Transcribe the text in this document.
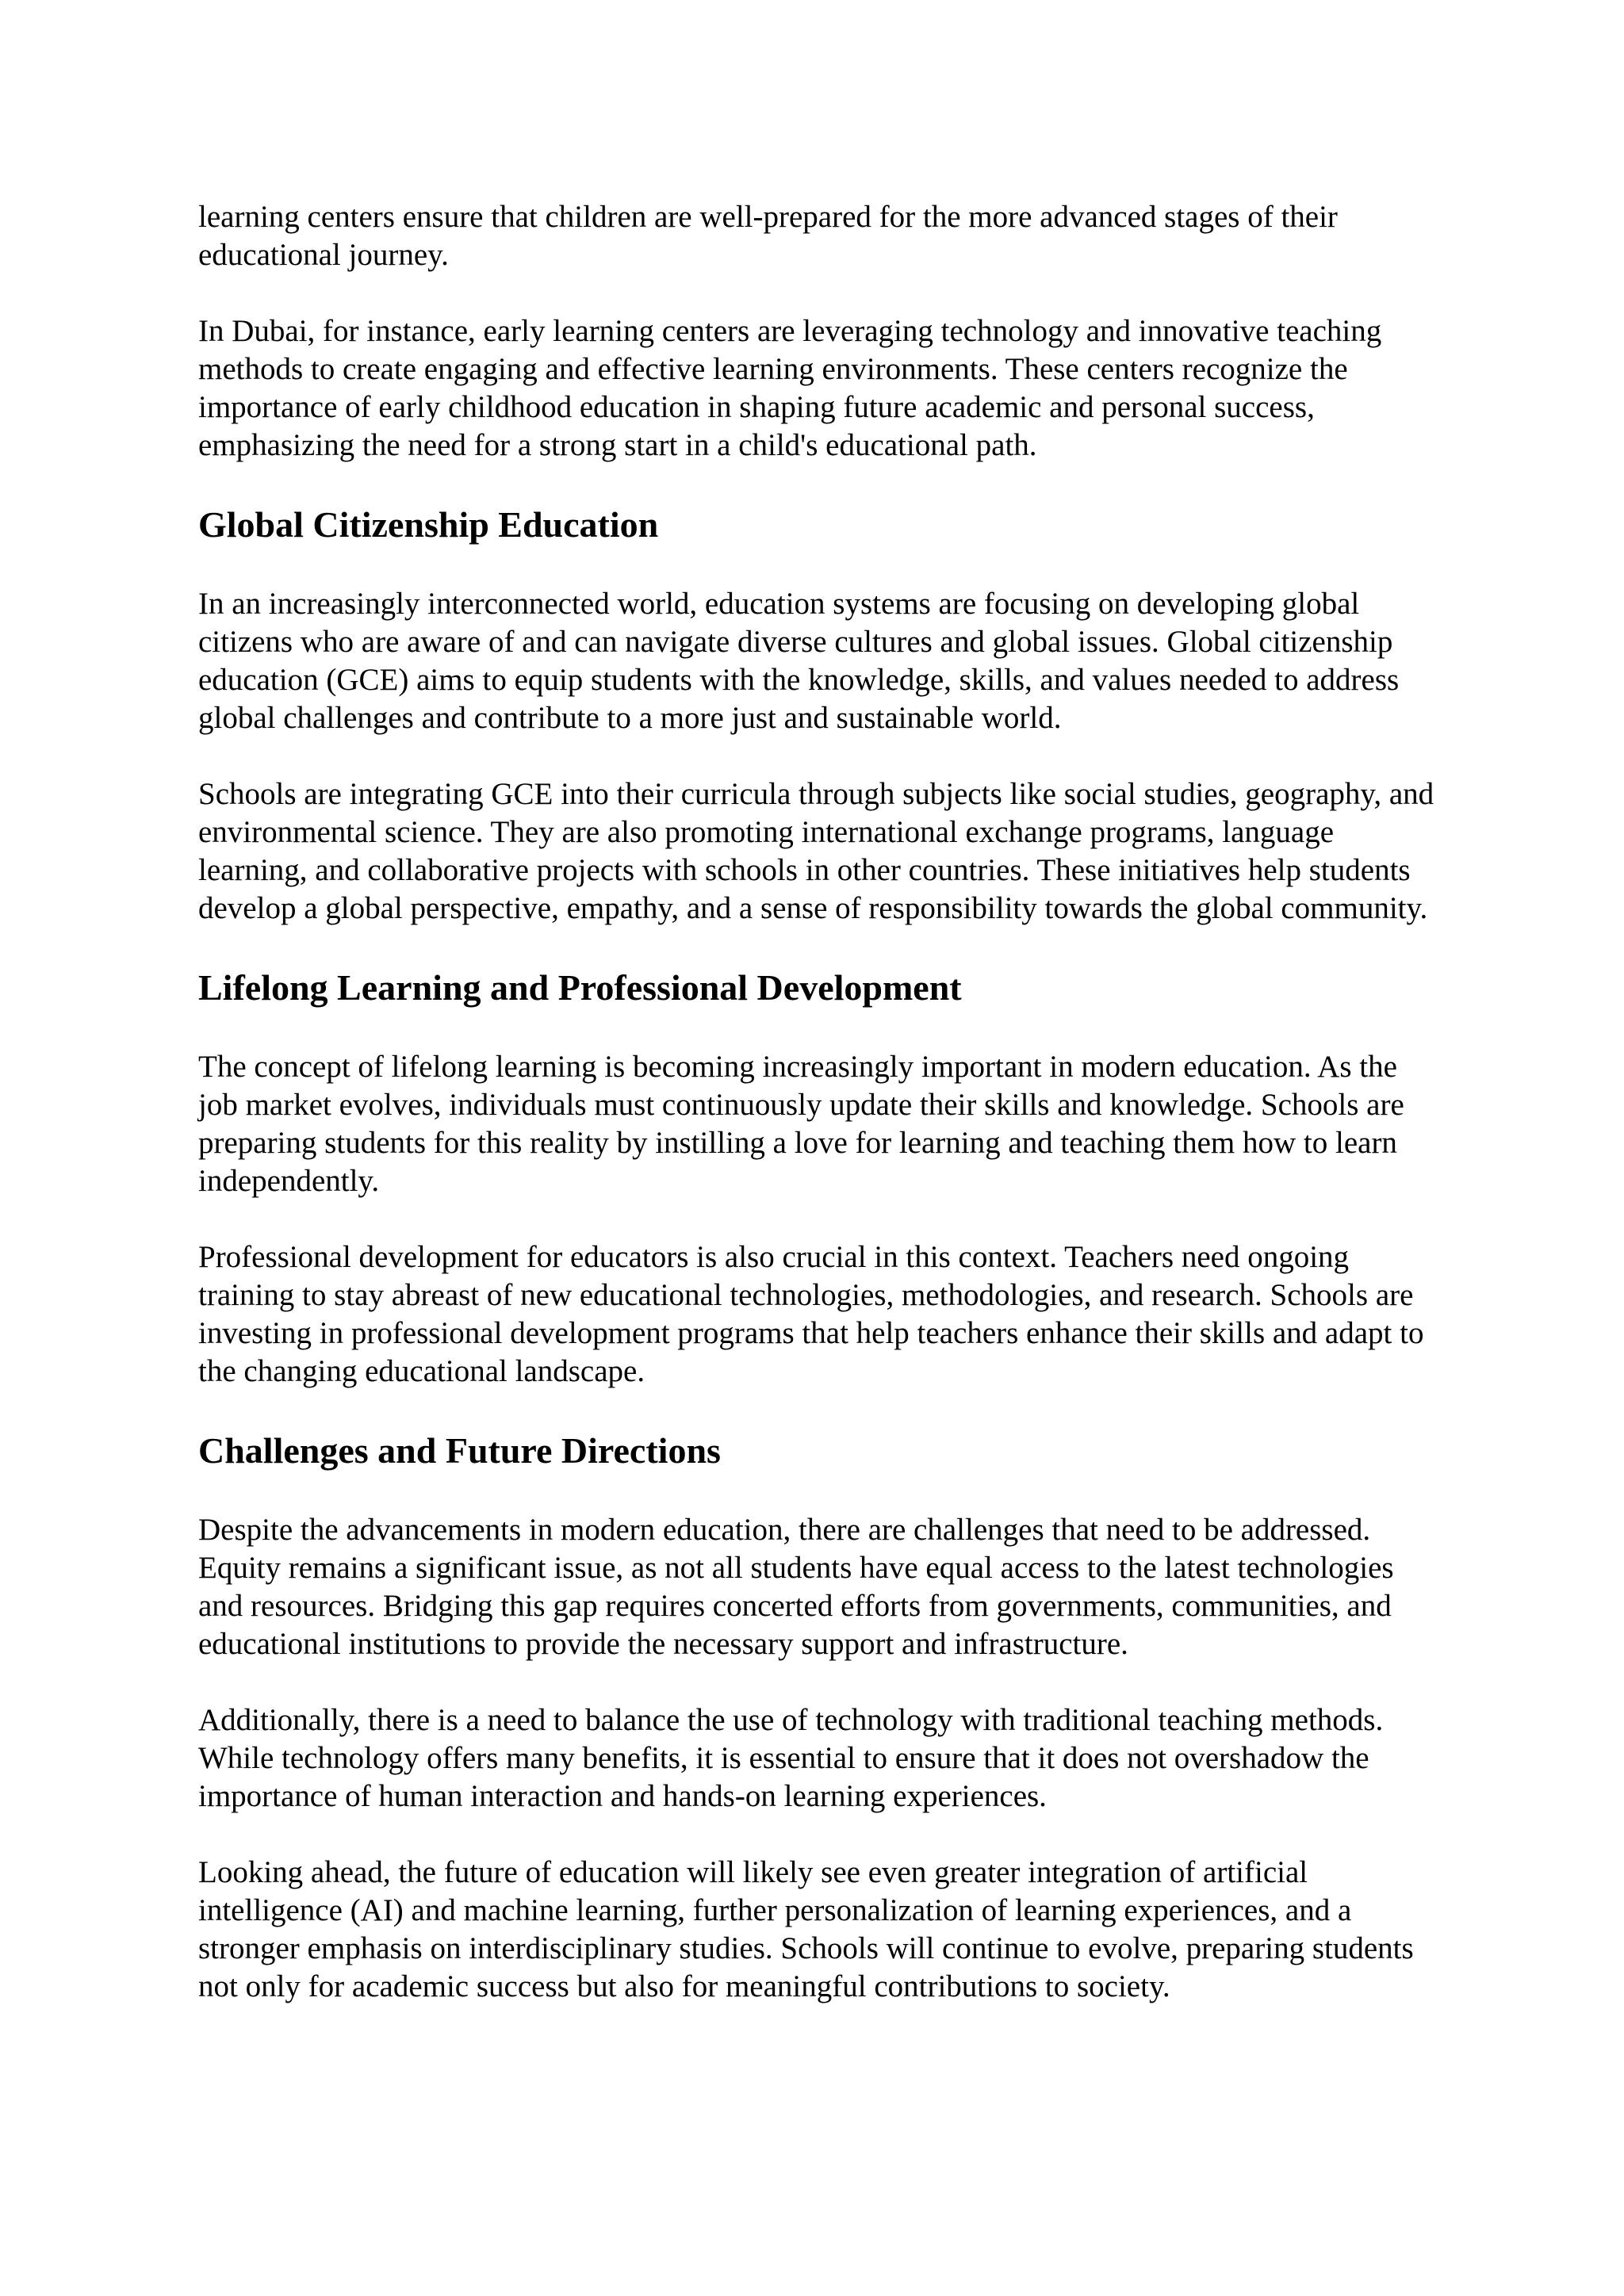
learning centers ensure that children are well-prepared for the more advanced stages of their educational journey.

In Dubai, for instance, early learning centers are leveraging technology and innovative teaching methods to create engaging and effective learning environments. These centers recognize the importance of early childhood education in shaping future academic and personal success, emphasizing the need for a strong start in a child's educational path.

Global Citizenship Education

In an increasingly interconnected world, education systems are focusing on developing global citizens who are aware of and can navigate diverse cultures and global issues. Global citizenship education (GCE) aims to equip students with the knowledge, skills, and values needed to address global challenges and contribute to a more just and sustainable world.

Schools are integrating GCE into their curricula through subjects like social studies, geography, and environmental science. They are also promoting international exchange programs, language learning, and collaborative projects with schools in other countries. These initiatives help students develop a global perspective, empathy, and a sense of responsibility towards the global community.

Lifelong Learning and Professional Development

The concept of lifelong learning is becoming increasingly important in modern education. As the job market evolves, individuals must continuously update their skills and knowledge. Schools are preparing students for this reality by instilling a love for learning and teaching them how to learn independently.

Professional development for educators is also crucial in this context. Teachers need ongoing training to stay abreast of new educational technologies, methodologies, and research. Schools are investing in professional development programs that help teachers enhance their skills and adapt to the changing educational landscape.

Challenges and Future Directions

Despite the advancements in modern education, there are challenges that need to be addressed. Equity remains a significant issue, as not all students have equal access to the latest technologies and resources. Bridging this gap requires concerted efforts from governments, communities, and educational institutions to provide the necessary support and infrastructure.

Additionally, there is a need to balance the use of technology with traditional teaching methods. While technology offers many benefits, it is essential to ensure that it does not overshadow the importance of human interaction and hands-on learning experiences.

Looking ahead, the future of education will likely see even greater integration of artificial intelligence (AI) and machine learning, further personalization of learning experiences, and a stronger emphasis on interdisciplinary studies. Schools will continue to evolve, preparing students not only for academic success but also for meaningful contributions to society.
